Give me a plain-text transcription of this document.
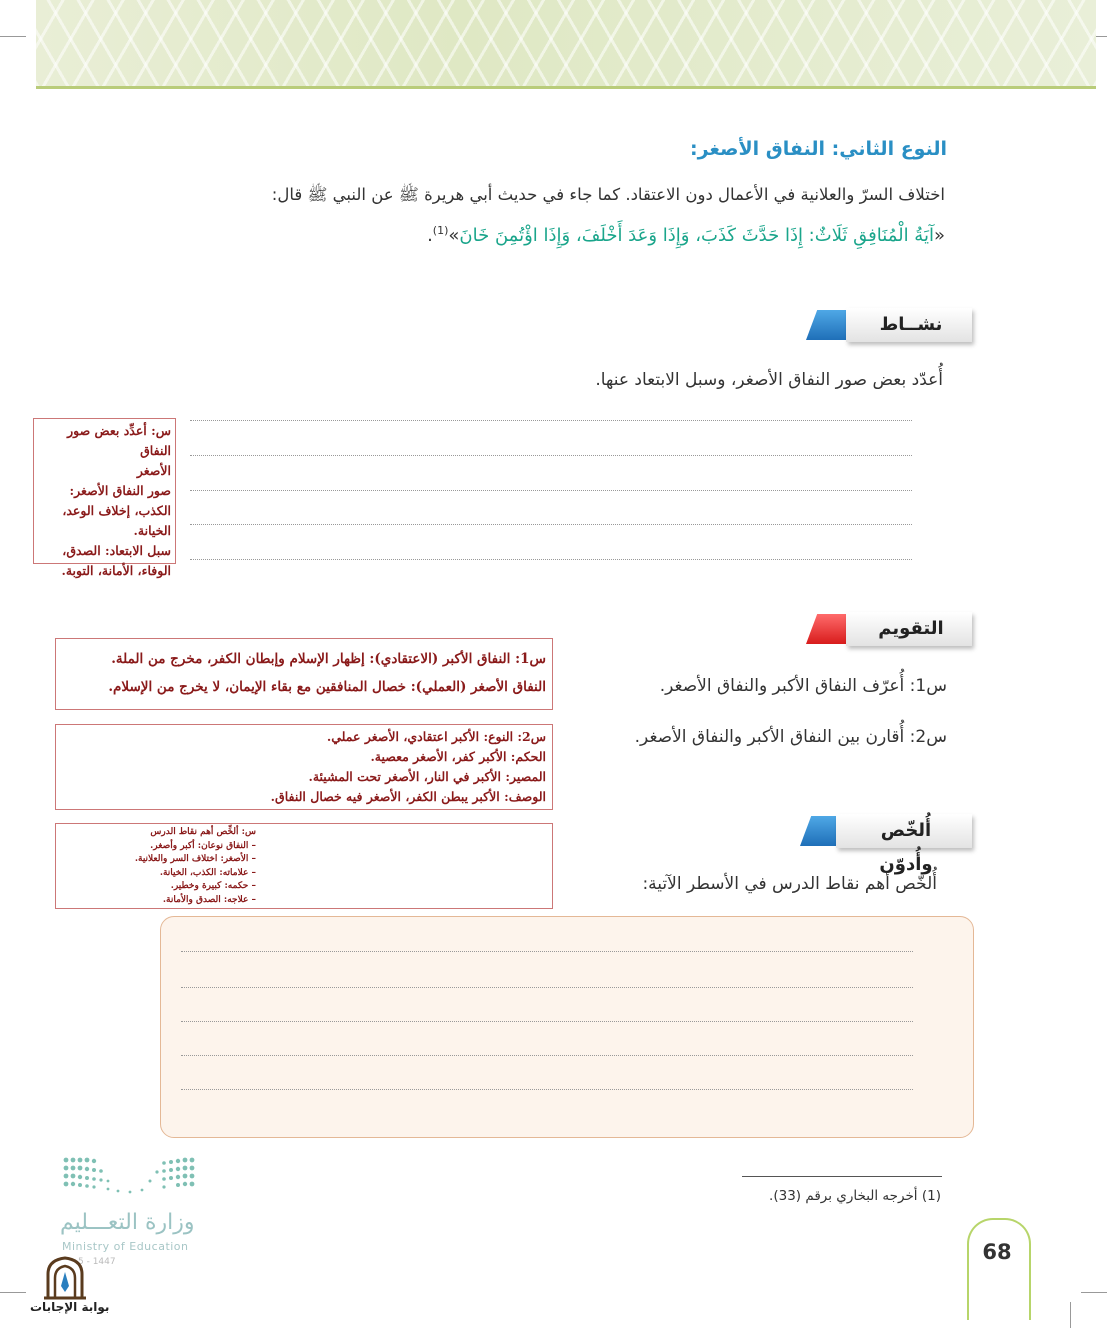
النوع الثاني: النفاق الأصغر:
اختلاف السرّ والعلانية في الأعمال دون الاعتقاد. كما جاء في حديث أبي هريرة ﷺ عن النبي ﷺ قال:
«آيَةُ الْمُنَافِقِ ثَلَاثٌ: إِذَا حَدَّثَ كَذَبَ، وَإِذَا وَعَدَ أَخْلَفَ، وَإِذَا اؤْتُمِنَ خَانَ»$^{(1)}$.
نشــاط
أُعدّد بعض صور النفاق الأصغر، وسبل الابتعاد عنها.
س: أعدِّد بعض صور النفاق
الأصغر
صور النفاق الأصغر:
الكذب، إخلاف الوعد،
الخيانة.
سبل الابتعاد: الصدق،
الوفاء، الأمانة، التوبة.
التقويم
س1: أُعرّف النفاق الأكبر والنفاق الأصغر.
س2: أُقارن بين النفاق الأكبر والنفاق الأصغر.
س1: النفاق الأكبر (الاعتقادي): إظهار الإسلام وإبطان الكفر، مخرج من الملة.
النفاق الأصغر (العملي): خصال المنافقين مع بقاء الإيمان، لا يخرج من الإسلام.
س2: النوع: الأكبر اعتقادي، الأصغر عملي.
الحكم: الأكبر كفر، الأصغر معصية.
المصير: الأكبر في النار، الأصغر تحت المشيئة.
الوصف: الأكبر يبطن الكفر، الأصغر فيه خصال النفاق.
أُلخّص وأُدوّن
أُلخّص أهم نقاط الدرس في الأسطر الآتية:
س: ألخِّص أهم نقاط الدرس
– النفاق نوعان: أكبر وأصغر.
– الأصغر: اختلاف السر والعلانية.
– علاماته: الكذب، الخيانة.
– حكمه: كبيرة وخطير.
– علاجه: الصدق والأمانة.
وزارة التعـــليم
Ministry of Education
5 - 1447
بوابة الإجابات
(1) أخرجه البخاري برقم (33).
68
